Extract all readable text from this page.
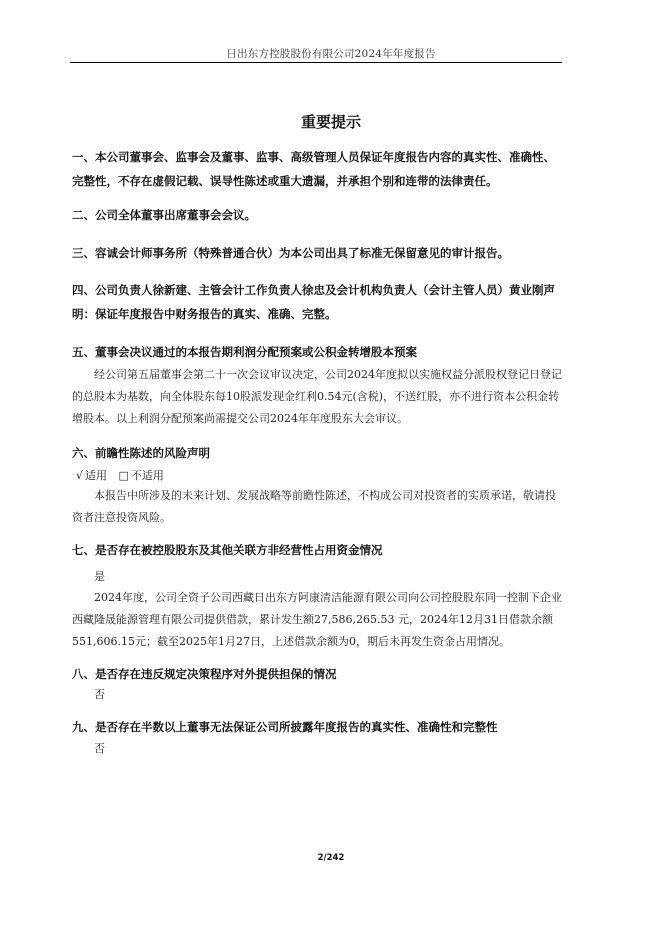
日出东方控股股份有限公司2024年年度报告
重要提示
一、本公司董事会、监事会及董事、监事、高级管理人员保证年度报告内容的真实性、准确性、完整性，不存在虚假记载、误导性陈述或重大遗漏，并承担个别和连带的法律责任。
二、公司全体董事出席董事会会议。
三、容诚会计师事务所（特殊普通合伙）为本公司出具了标准无保留意见的审计报告。
四、公司负责人徐新建、主管会计工作负责人徐忠及会计机构负责人（会计主管人员）黄业刚声明：保证年度报告中财务报告的真实、准确、完整。
五、董事会决议通过的本报告期利润分配预案或公积金转增股本预案
经公司第五届董事会第二十一次会议审议决定，公司2024年度拟以实施权益分派股权登记日登记的总股本为基数，向全体股东每10股派发现金红利0.54元(含税)，不送红股，亦不进行资本公积金转增股本。以上利润分配预案尚需提交公司2024年年度股东大会审议。
六、前瞻性陈述的风险声明
√ 适用 □ 不适用
本报告中所涉及的未来计划、发展战略等前瞻性陈述，不构成公司对投资者的实质承诺，敬请投资者注意投资风险。
七、是否存在被控股股东及其他关联方非经营性占用资金情况
是
2024年度，公司全资子公司西藏日出东方阿康清洁能源有限公司向公司控股股东同一控制下企业西藏隆晟能源管理有限公司提供借款，累计发生额27,586,265.53 元，2024年12月31日借款余额551,606.15元；截至2025年1月27日，上述借款余额为0，期后未再发生资金占用情况。
八、是否存在违反规定决策程序对外提供担保的情况
否
九、是否存在半数以上董事无法保证公司所披露年度报告的真实性、准确性和完整性
否
2/242
